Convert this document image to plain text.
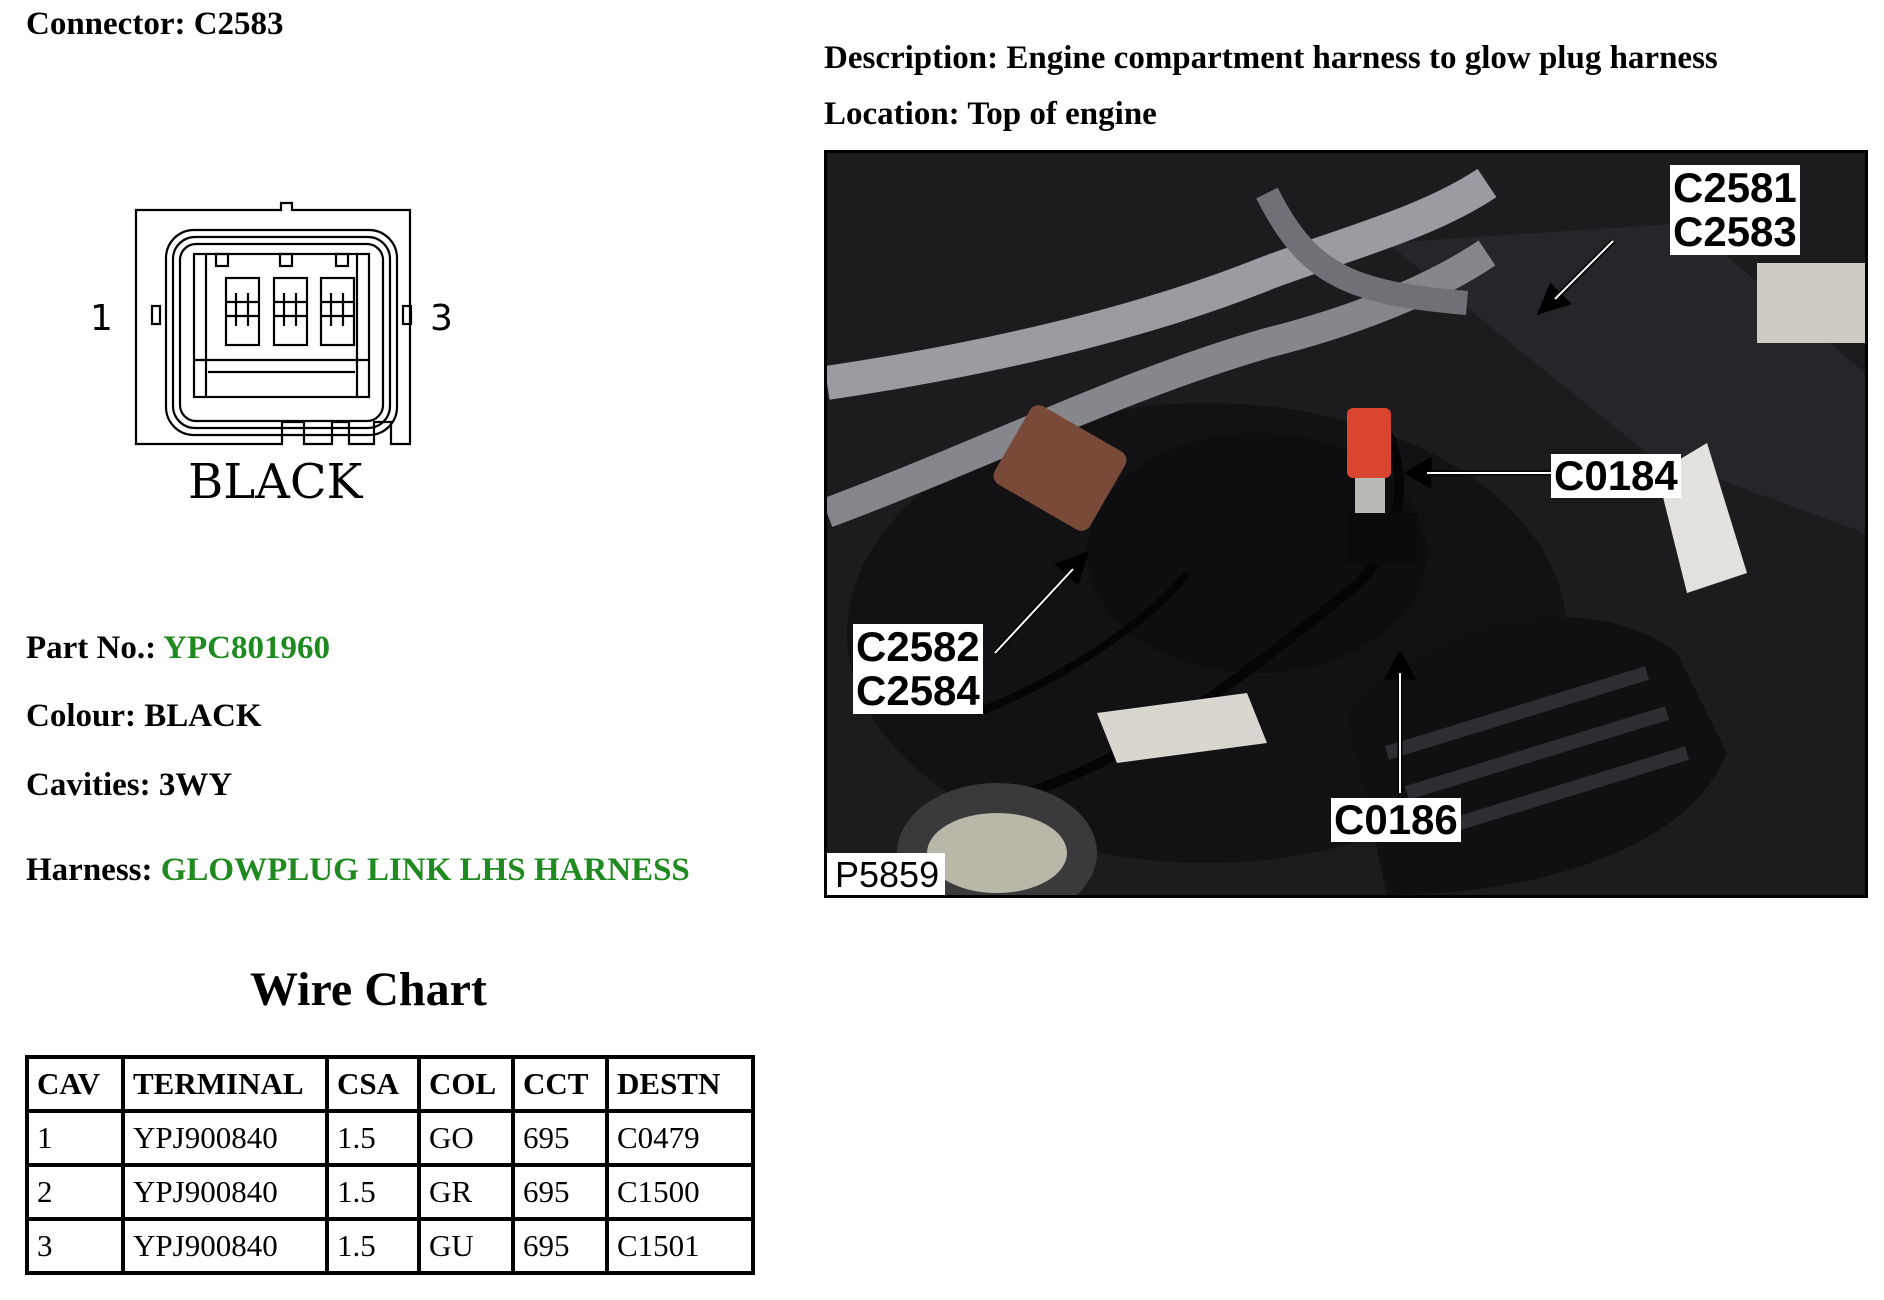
Connector: C2583
Description: Engine compartment harness to glow plug harness
Location: Top of engine
1	3
BLACK
Part No.: YPC801960
Colour: BLACK
Cavities: 3WY
Harness: GLOWPLUG LINK LHS HARNESS
C2581
C2583
C0184
C2582
C2584
C0186
P5859
Wire Chart
CAV	TERMINAL	CSA	COL	CCT	DESTN
1	YPJ900840	1.5	GO	695	C0479
2	YPJ900840	1.5	GR	695	C1500
3	YPJ900840	1.5	GU	695	C1501
